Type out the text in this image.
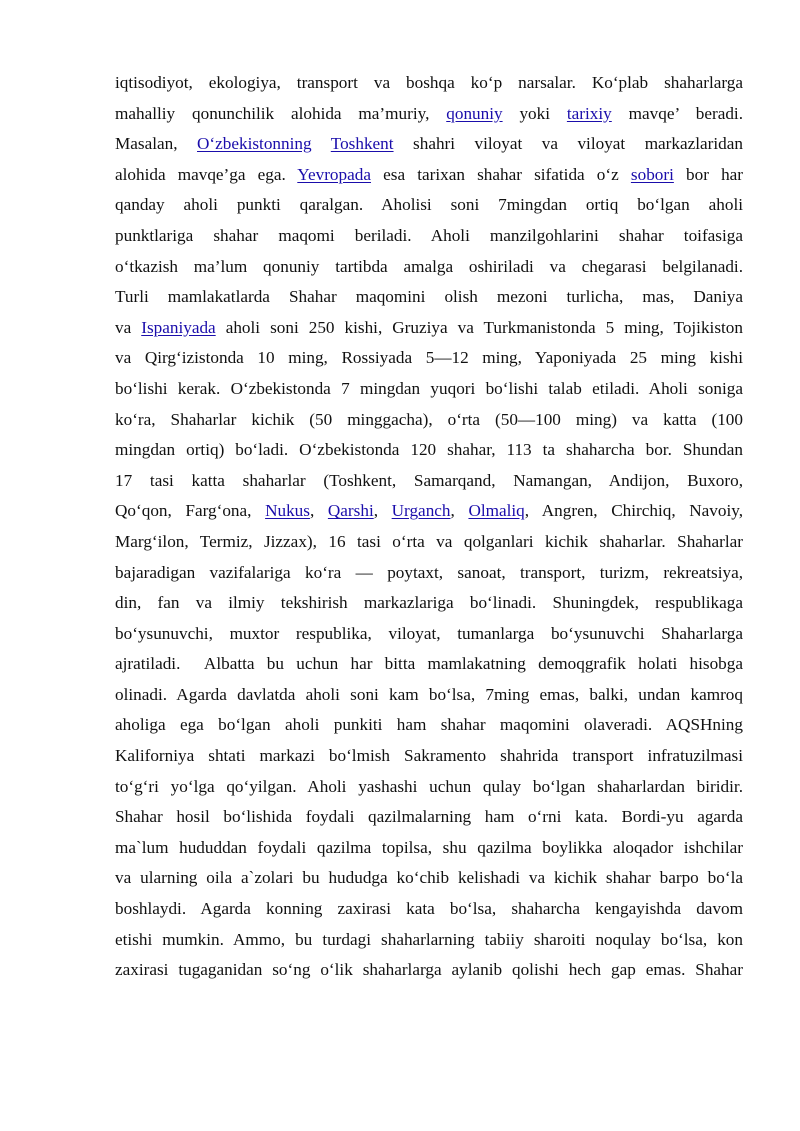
iqtisodiyot, ekologiya, transport va boshqa ko‘p narsalar. Ko‘plab shaharlarga
mahalliy qonunchilik alohida ma’muriy, qonuniy yoki tarixiy mavqe’ beradi.
Masalan, O‘zbekistonning Toshkent shahri viloyat va viloyat markazlaridan
alohida mavqe’ga ega. Yevropada esa tarixan shahar sifatida o‘z sobori bor har
qanday aholi punkti qaralgan. Aholisi soni 7mingdan ortiq bo‘lgan aholi
punktlariga shahar maqomi beriladi. Aholi manzilgohlarini shahar toifasiga
o‘tkazish ma’lum qonuniy tartibda amalga oshiriladi va chegarasi belgilanadi.
Turli mamlakatlarda Shahar maqomini olish mezoni turlicha, mas, Daniya
va Ispaniyada aholi soni 250 kishi, Gruziya va Turkmanistonda 5 ming, Tojikiston
va Qirg‘izistonda 10 ming, Rossiyada 5—12 ming, Yaponiyada 25 ming kishi
bo‘lishi kerak. O‘zbekistonda 7 mingdan yuqori bo‘lishi talab etiladi. Aholi soniga
ko‘ra, Shaharlar kichik (50 minggacha), o‘rta (50—100 ming) va katta (100
mingdan ortiq) bo‘ladi. O‘zbekistonda 120 shahar, 113 ta shaharcha bor. Shundan
17 tasi katta shaharlar (Toshkent, Samarqand, Namangan, Andijon, Buxoro,
Qo‘qon, Farg‘ona, Nukus, Qarshi, Urganch, Olmaliq, Angren, Chirchiq, Navoiy,
Marg‘ilon, Termiz, Jizzax), 16 tasi o‘rta va qolganlari kichik shaharlar. Shaharlar
bajaradigan vazifalariga ko‘ra — poytaxt, sanoat, transport, turizm, rekreatsiya,
din, fan va ilmiy tekshirish markazlariga bo‘linadi. Shuningdek, respublikaga
bo‘ysunuvchi, muxtor respublika, viloyat, tumanlarga bo‘ysunuvchi Shaharlarga
ajratiladi.  Albatta bu uchun har bitta mamlakatning demoqgrafik holati hisobga
olinadi. Agarda davlatda aholi soni kam bo‘lsa, 7ming emas, balki, undan kamroq
aholiga ega bo‘lgan aholi punkiti ham shahar maqomini olaveradi. AQSHning
Kaliforniya shtati markazi bo‘lmish Sakramento shahrida transport infratuzilmasi
to‘g‘ri yo‘lga qo‘yilgan. Aholi yashashi uchun qulay bo‘lgan shaharlardan biridir.
Shahar hosil bo‘lishida foydali qazilmalarning ham o‘rni kata. Bordi-yu agarda
ma`lum hududdan foydali qazilma topilsa, shu qazilma boylikka aloqador ishchilar
va ularning oila a`zolari bu hududga ko‘chib kelishadi va kichik shahar barpo bo‘la
boshlaydi. Agarda konning zaxirasi kata bo‘lsa, shaharcha kengayishda davom
etishi mumkin. Ammo, bu turdagi shaharlarning tabiiy sharoiti noqulay bo‘lsa, kon
zaxirasi tugaganidan so‘ng o‘lik shaharlarga aylanib qolishi hech gap emas. Shahar
